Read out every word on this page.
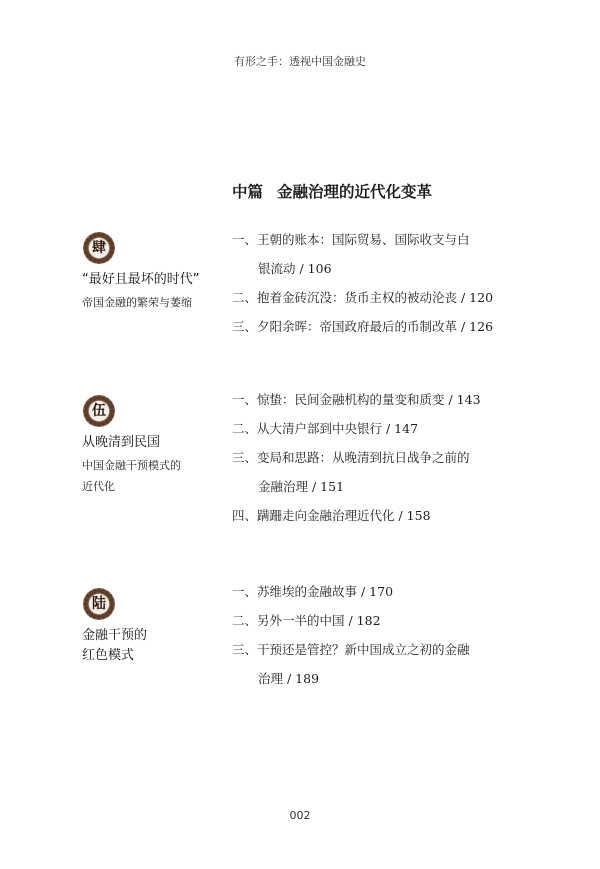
有形之手：透视中国金融史
中篇 金融治理的近代化变革
肆
“最好且最坏的时代”
帝国金融的繁荣与萎缩
一、王朝的账本：国际贸易、国际收支与白
银流动 / 106
二、抱着金砖沉没：货币主权的被动沦丧 / 120
三、夕阳余晖：帝国政府最后的币制改革 / 126
伍
从晚清到民国
中国金融干预模式的
近代化
一、惊蛰：民间金融机构的量变和质变 / 143
二、从大清户部到中央银行 / 147
三、变局和思路：从晚清到抗日战争之前的
金融治理 / 151
四、蹒跚走向金融治理近代化 / 158
陆
金融干预的
红色模式
一、苏维埃的金融故事 / 170
二、另外一半的中国 / 182
三、干预还是管控？新中国成立之初的金融
治理 / 189
002
